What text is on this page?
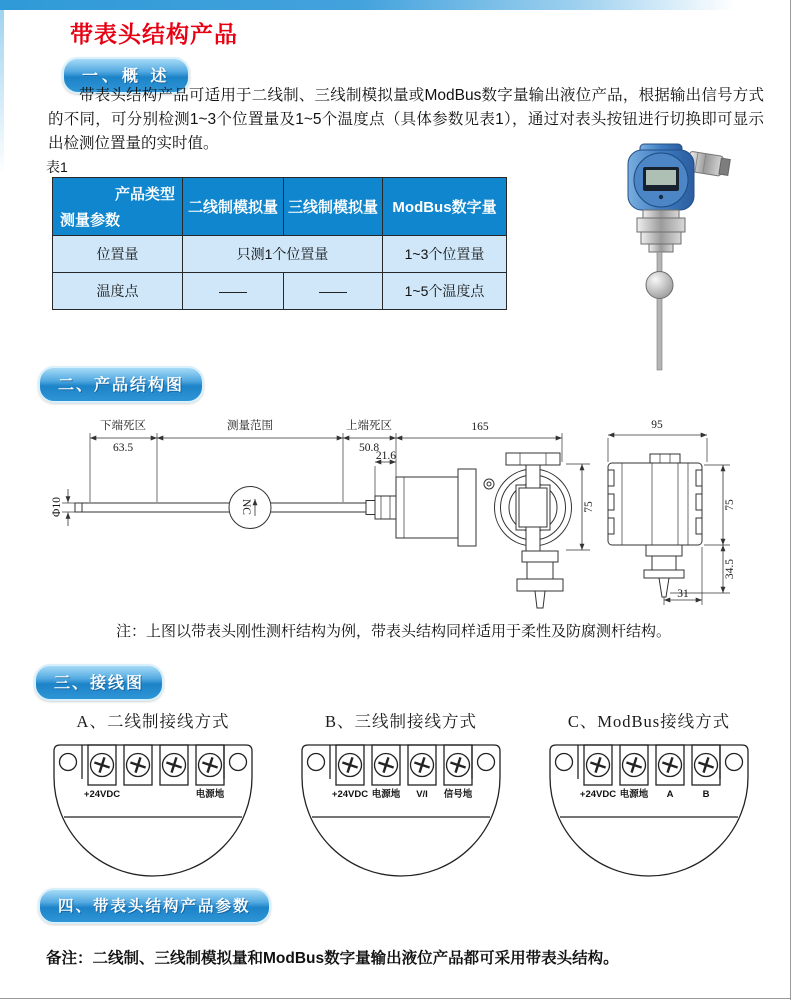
带表头结构产品
一、概 述
带表头结构产品可适用于二线制、三线制模拟量或ModBus数字量输出液位产品，根据输出信号方式的不同，可分别检测1~3个位置量及1~5个温度点（具体参数见表1），通过对表头按钮进行切换即可显示出检测位置量的实时值。
表1
产品类型
测量参数	二线制模拟量	三线制模拟量	ModBus数字量
位置量	只测1个位置量		1~3个位置量
温度点	——	——	1~5个温度点
二、产品结构图
下端死区
63.5
测量范围	上端死区
50.8
21.6
165
75
Φ10	NC
95
75
34.5
31
注：上图以带表头刚性测杆结构为例，带表头结构同样适用于柔性及防腐测杆结构。
三、接线图
A、二线制接线方式
+24VDC	电源地
B、三线制接线方式
+24VDC 电源地 V/I 信号地
C、ModBus接线方式
+24VDC 电源地 A	B
四、带表头结构产品参数
备注：二线制、三线制模拟量和ModBus数字量输出液位产品都可采用带表头结构。
